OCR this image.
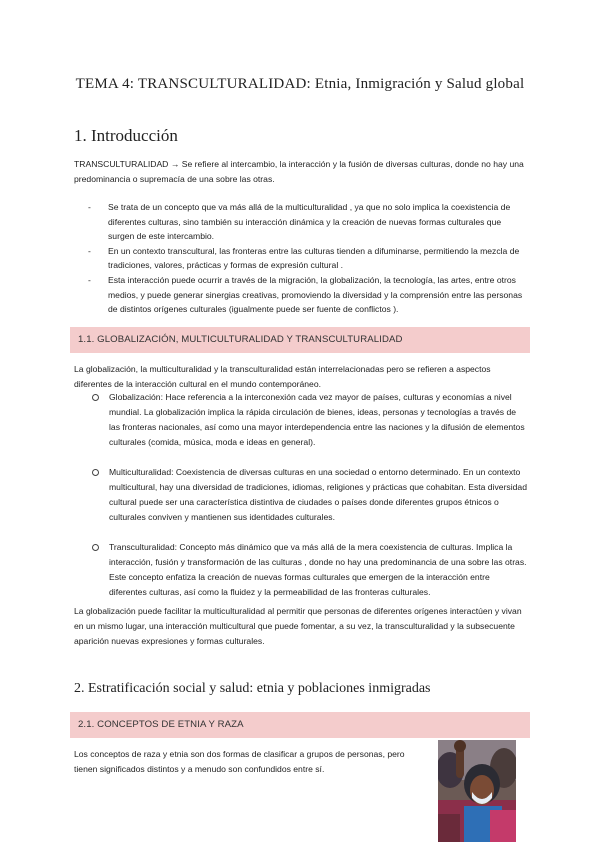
TEMA 4: TRANSCULTURALIDAD: Etnia, Inmigración y Salud global
1. Introducción
TRANSCULTURALIDAD → Se refiere al intercambio, la interacción y la fusión de diversas culturas, donde no hay una predominancia o supremacía de una sobre las otras.
- Se trata de un concepto que va más allá de la multiculturalidad , ya que no solo implica la coexistencia de diferentes culturas, sino también su interacción dinámica y la creación de nuevas formas culturales que surgen de este intercambio.
- En un contexto transcultural, las fronteras entre las culturas tienden a difuminarse, permitiendo la mezcla de tradiciones, valores, prácticas y formas de expresión cultural .
- Esta interacción puede ocurrir a través de la migración, la globalización, la tecnología, las artes, entre otros medios, y puede generar sinergias creativas, promoviendo la diversidad y la comprensión entre las personas de distintos orígenes culturales (igualmente puede ser fuente de conflictos ).
1.1. GLOBALIZACIÓN, MULTICULTURALIDAD Y TRANSCULTURALIDAD
La globalización, la multiculturalidad y la transculturalidad están interrelacionadas pero se refieren a aspectos diferentes de la interacción cultural en el mundo contemporáneo.
Globalización: Hace referencia a la interconexión cada vez mayor de países, culturas y economías a nivel mundial. La globalización implica la rápida circulación de bienes, ideas, personas y tecnologías a través de las fronteras nacionales, así como una mayor interdependencia entre las naciones y la difusión de elementos culturales (comida, música, moda e ideas en general).
Multiculturalidad: Coexistencia de diversas culturas en una sociedad o entorno determinado. En un contexto multicultural, hay una diversidad de tradiciones, idiomas, religiones y prácticas que cohabitan. Esta diversidad cultural puede ser una característica distintiva de ciudades o países donde diferentes grupos étnicos o culturales conviven y mantienen sus identidades culturales.
Transculturalidad: Concepto más dinámico que va más allá de la mera coexistencia de culturas. Implica la interacción, fusión y transformación de las culturas , donde no hay una predominancia de una sobre las otras. Este concepto enfatiza la creación de nuevas formas culturales que emergen de la interacción entre diferentes culturas, así como la fluidez y la permeabilidad de las fronteras culturales.
La globalización puede facilitar la multiculturalidad al permitir que personas de diferentes orígenes interactúen y vivan en un mismo lugar, una interacción multicultural que puede fomentar, a su vez, la transculturalidad y la subsecuente aparición nuevas expresiones y formas culturales.
2. Estratificación social y salud: etnia y poblaciones inmigradas
2.1. CONCEPTOS DE ETNIA Y RAZA
Los conceptos de raza y etnia son dos formas de clasificar a grupos de personas, pero tienen significados distintos y a menudo son confundidos entre sí.
